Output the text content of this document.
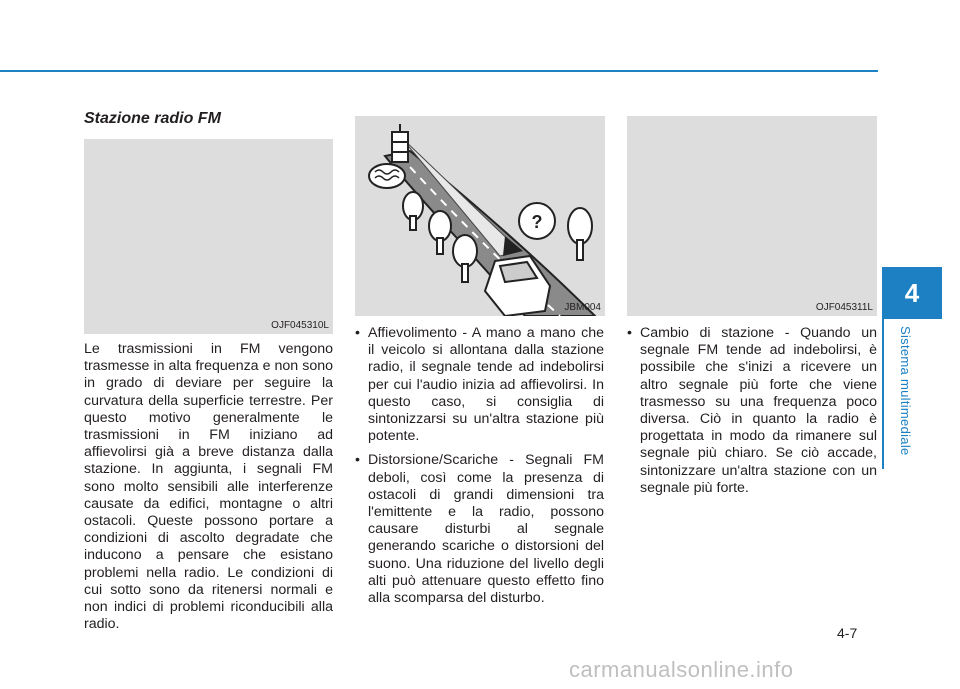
4
Sistema multimediale
Stazione radio FM
OJF045310L
?
JBM004	OJF045311L
Le trasmissioni in FM vengono trasmesse in alta frequenza e non sono in grado di deviare per seguire la curvatura della superficie terrestre. Per questo motivo generalmente le trasmissioni in FM iniziano ad affievolirsi già a breve distanza dalla stazione. In aggiunta, i segnali FM sono molto sensibili alle interferenze causate da edifici, montagne o altri ostacoli. Queste possono portare a condizioni di ascolto degradate che inducono a pensare che esistano problemi nella radio. Le condizioni di cui sotto sono da ritenersi normali e non indici di problemi riconducibili alla radio.
• Affievolimento - A mano a mano che il veicolo si allontana dalla stazione radio, il segnale tende ad indebolirsi per cui l'audio inizia ad affievolirsi. In questo caso, si consiglia di sintonizzarsi su un'altra stazione più potente.
• Distorsione/Scariche - Segnali FM deboli, così come la presenza di ostacoli di grandi dimensioni tra l'emittente e la radio, possono causare disturbi al segnale generando scariche o distorsioni del suono. Una riduzione del livello degli alti può attenuare questo effetto fino alla scomparsa del disturbo.
• Cambio di stazione - Quando un segnale FM tende ad indebolirsi, è possibile che s'inizi a ricevere un altro segnale più forte che viene trasmesso su una frequenza poco diversa. Ciò in quanto la radio è progettata in modo da rimanere sul segnale più chiaro. Se ciò accade, sintonizzare un'altra stazione con un segnale più forte.
4-7
carmanualsonline.info
